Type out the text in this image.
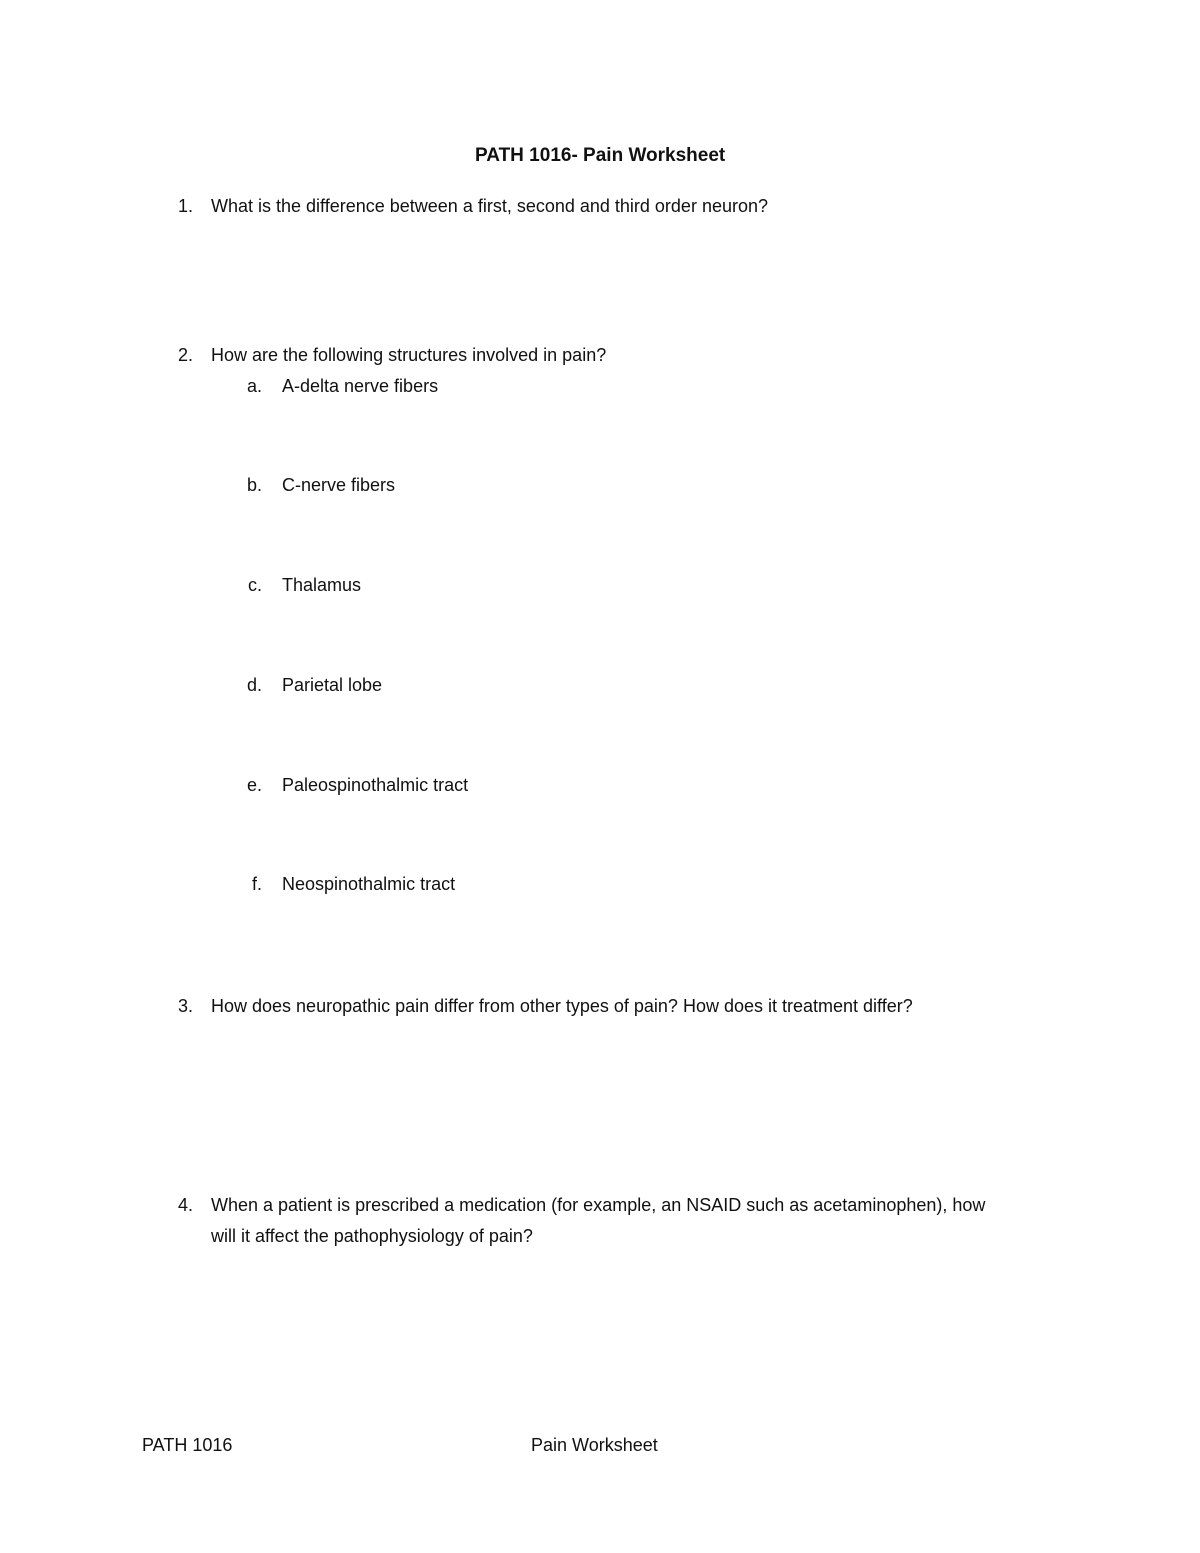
PATH 1016- Pain Worksheet
1. What is the difference between a first, second and third order neuron?
2. How are the following structures involved in pain?
a. A-delta nerve fibers
b. C-nerve fibers
c. Thalamus
d. Parietal lobe
e. Paleospinothalmic tract
f. Neospinothalmic tract
3. How does neuropathic pain differ from other types of pain? How does it treatment differ?
4. When a patient is prescribed a medication (for example, an NSAID such as acetaminophen), how
will it affect the pathophysiology of pain?
PATH 1016	Pain Worksheet
